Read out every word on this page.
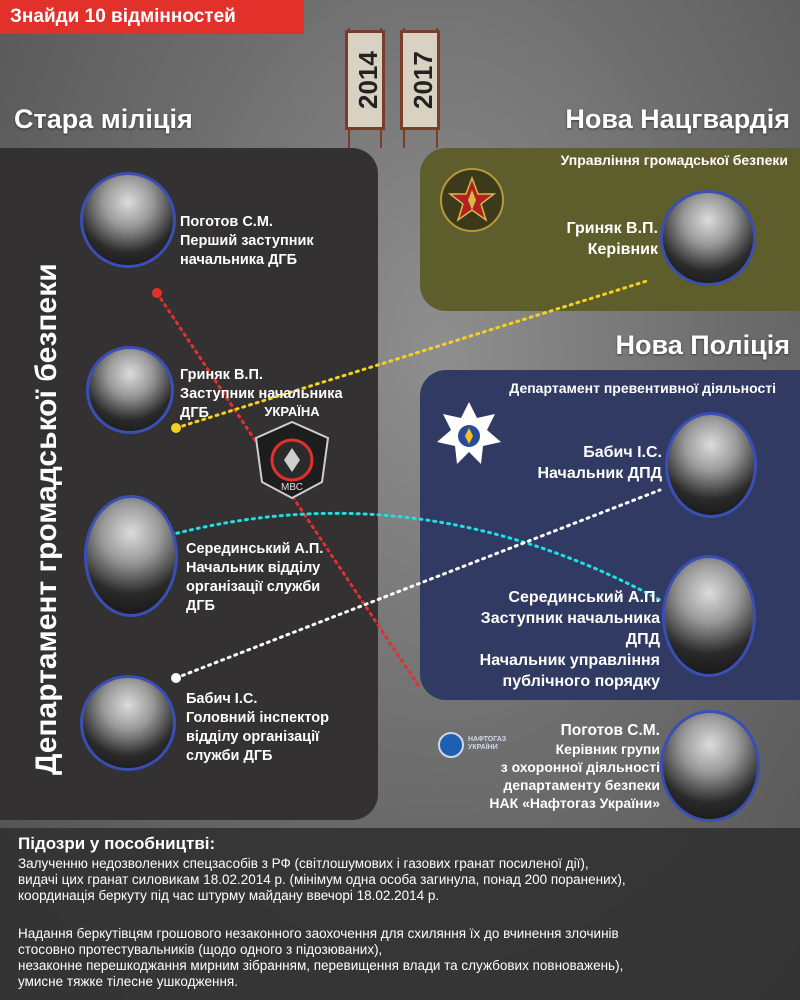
Знайди 10 відмінностей
2014 2017
Стара міліція	Нова Нацгвардія
Нова Поліція
Департамент громадської безпеки
Поготов С.М.
Перший заступник
начальника ДГБ
Гриняк В.П.
Заступник начальника
ДГБ
Серединський А.П.
Начальник відділу
організації служби
ДГБ
Бабич І.С.
Головний інспектор
відділу організації
служби ДГБ
УКРАЇНА
МВС
Управління громадської безпеки
Гриняк В.П.
Керівник
Департамент превентивної діяльності
Бабич І.С.
Начальник ДПД
Серединський А.П.
Заступник начальника
ДПД
Начальник управління
публічного порядку
НАФТОГАЗ УКРАЇНИ
Поготов С.М.
Керівник групи
з охоронної діяльності
департаменту безпеки
НАК «Нафтогаз України»
Підозри у пособництві:
Залученню недозволених спецзасобів з РФ (світлошумових і газових гранат посиленої дії),
видачі цих гранат силовикам 18.02.2014 р. (мінімум одна особа загинула, понад 200 поранених),
координація беркуту під час штурму майдану ввечорі 18.02.2014 р.
Надання беркутівцям грошового незаконного заохочення для схиляння їх до вчинення злочинів
стосовно протестувальників (щодо одного з підозюваних),
незаконне перешкоджання мирним зібранням, перевищення влади та службових повноважень),
умисне тяжке тілесне ушкодження.
